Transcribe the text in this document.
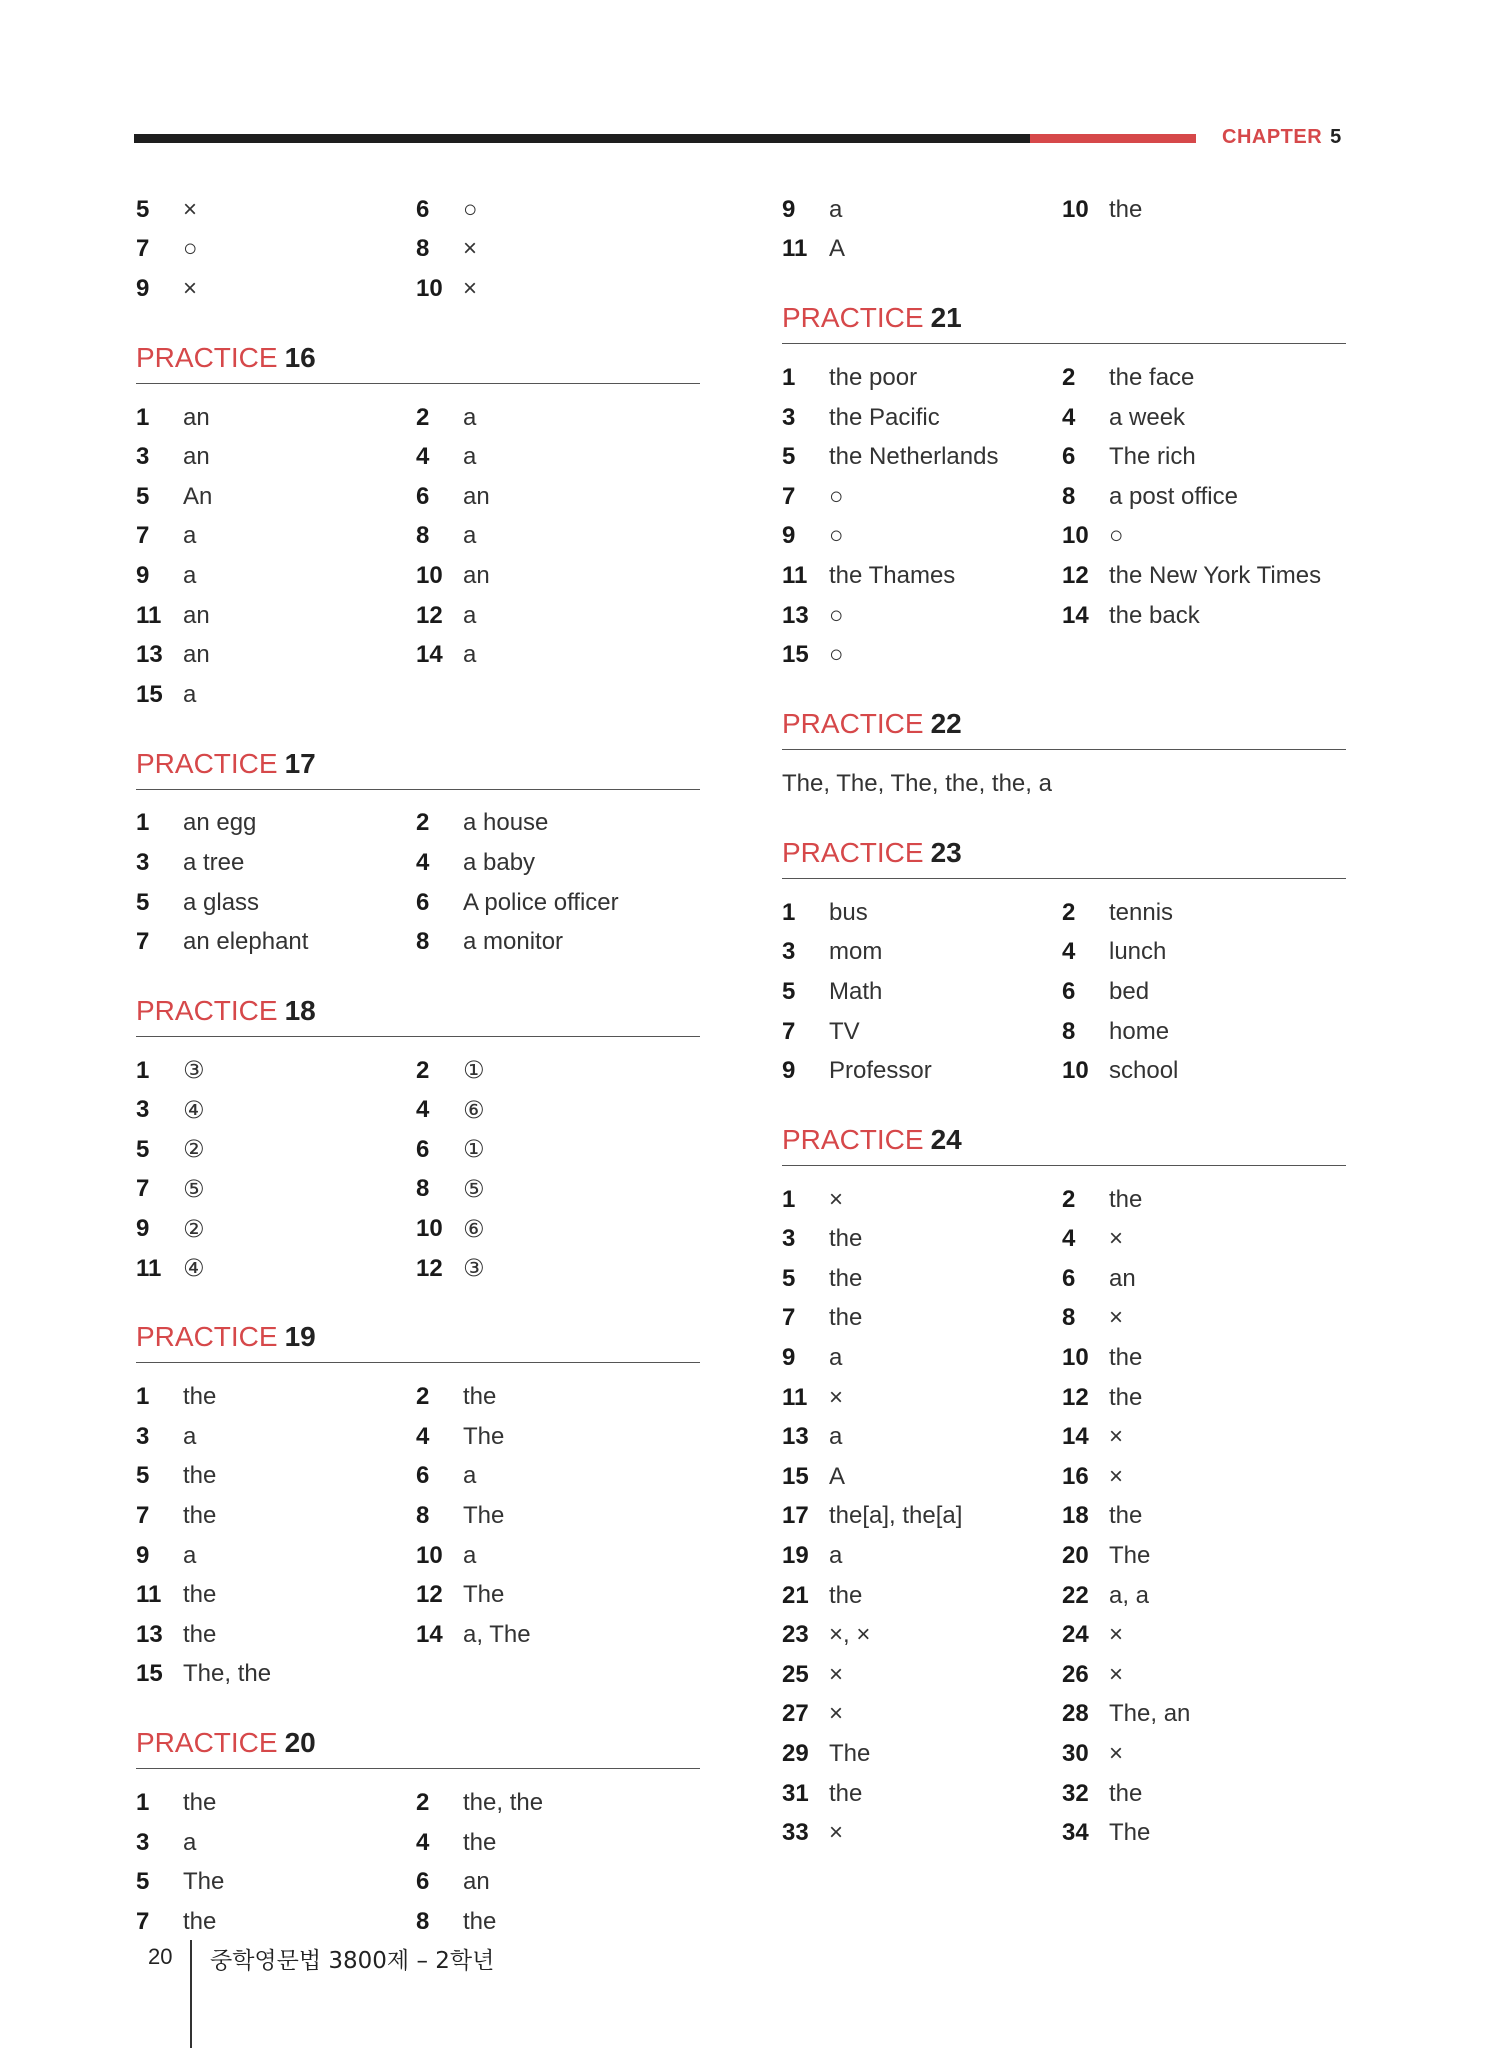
CHAPTER 5
5	×	6	○
7	○	8	×
9	×	10 ×
PRACTICE 16
1	an	2	a
3	an	4	a
5	An	6	an
7	a	8	a
9	a	10 an
11 an	12 a
13 an	14 a
15 a
PRACTICE 17
1	an egg	2	a house
3	a tree	4	a baby
5	a glass	6	A police officer
7	an elephant	8	a monitor
PRACTICE 18
1	③	2	①
3	④	4	⑥
5	②	6	①
7	⑤	8	⑤
9	②	10 ⑥
11 ④	12 ③
PRACTICE 19
1	the	2	the
3	a	4	The
5	the	6	a
7	the	8	The
9	a	10 a
11 the	12 The
13 the	14 a, The
15 The, the
PRACTICE 20
1	the	2	the, the
3	a	4	the
5	The	6	an
7	the	8	the
9	a	10 the
11 A
PRACTICE 21
1	the poor	2	the face
3	the Pacific	4	a week
5	the Netherlands	6	The rich
7	○	8	a post office
9	○	10 ○
11 the Thames	12 the New York Times
13 ○	14 the back
15 ○
PRACTICE 22
The, The, The, the, the, a
PRACTICE 23
1	bus	2	tennis
3	mom	4	lunch
5	Math	6	bed
7	TV	8	home
9	Professor	10 school
PRACTICE 24
1	×	2	the
3	the	4	×
5	the	6	an
7	the	8	×
9	a	10 the
11 ×	12 the
13 a	14 ×
15 A	16 ×
17 the[a], the[a]	18 the
19 a	20 The
21 the	22 a, a
23 ×, ×	24 ×
25 ×	26 ×
27 ×	28 The, an
29 The	30 ×
31 the	32 the
33 ×	34 The
20 중학영문법 3800제 – 2학년
